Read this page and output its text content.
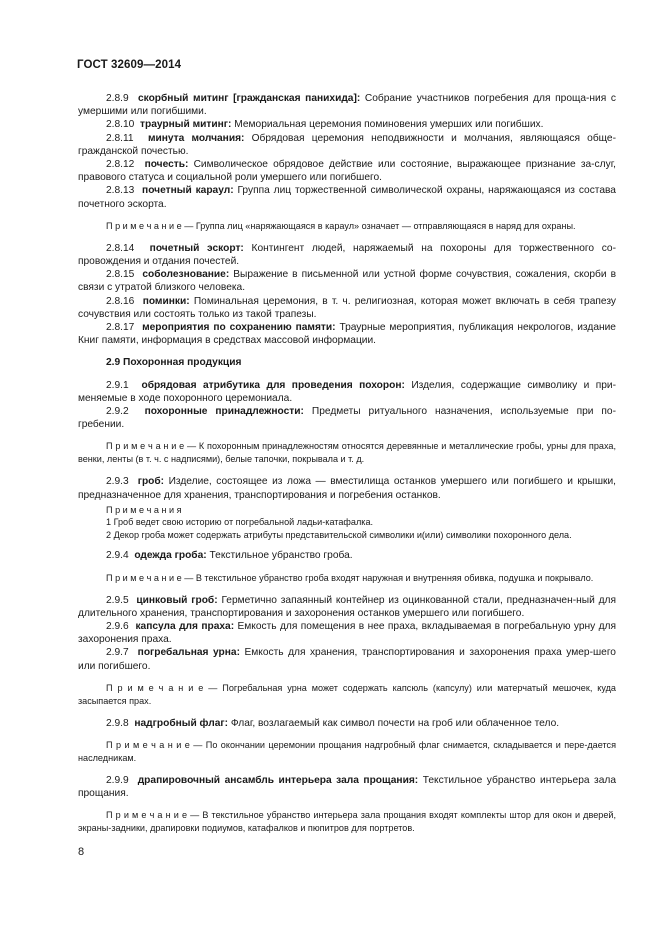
ГОСТ 32609—2014

2.8.9 скорбный митинг [гражданская панихида]: Собрание участников погребения для проща-ния с умершими или погибшими.

2.8.10 траурный митинг: Мемориальная церемония поминовения умерших или погибших.

2.8.11 минута молчания: Обрядовая церемония неподвижности и молчания, являющаяся обще-гражданской почестью.

2.8.12 почесть: Символическое обрядовое действие или состояние, выражающее признание за-слуг, правового статуса и социальной роли умершего или погибшего.

2.8.13 почетный караул: Группа лиц торжественной символической охраны, наряжающаяся из состава почетного эскорта.

П р и м е ч а н и е — Группа лиц «наряжающаяся в караул» означает — отправляющаяся в наряд для охраны.

2.8.14 почетный эскорт: Контингент людей, наряжаемый на похороны для торжественного со-провождения и отдания почестей.

2.8.15 соболезнование: Выражение в письменной или устной форме сочувствия, сожаления, скорби в связи с утратой близкого человека.

2.8.16 поминки: Поминальная церемония, в т. ч. религиозная, которая может включать в себя трапезу сочувствия или состоять только из такой трапезы.

2.8.17 мероприятия по сохранению памяти: Траурные мероприятия, публикация некрологов, издание Книг памяти, информация в средствах массовой информации.

2.9 Похоронная продукция

2.9.1 обрядовая атрибутика для проведения похорон: Изделия, содержащие символику и при-меняемые в ходе похоронного церемониала.

2.9.2 похоронные принадлежности: Предметы ритуального назначения, используемые при по-гребении.

П р и м е ч а н и е — К похоронным принадлежностям относятся деревянные и металлические гробы, урны для праха, венки, ленты (в т. ч. с надписями), белые тапочки, покрывала и т. д.

2.9.3 гроб: Изделие, состоящее из ложа — вместилища останков умершего или погибшего и крышки, предназначенное для хранения, транспортирования и погребения останков.

П р и м е ч а н и я

1 Гроб ведет свою историю от погребальной ладьи-катафалка.

2 Декор гроба может содержать атрибуты представительской символики и(или) символики похоронного дела.

2.9.4 одежда гроба: Текстильное убранство гроба.

П р и м е ч а н и е — В текстильное убранство гроба входят наружная и внутренняя обивка, подушка и покрывало.

2.9.5 цинковый гроб: Герметично запаянный контейнер из оцинкованной стали, предназначен-ный для длительного хранения, транспортирования и захоронения останков умершего или погибшего.

2.9.6 капсула для праха: Емкость для помещения в нее праха, вкладываемая в погребальную урну для захоронения праха.

2.9.7 погребальная урна: Емкость для хранения, транспортирования и захоронения праха умер-шего или погибшего.

П р и м е ч а н и е — Погребальная урна может содержать капсюль (капсулу) или матерчатый мешочек, куда засыпается прах.

2.9.8 надгробный флаг: Флаг, возлагаемый как символ почести на гроб или облаченное тело.

П р и м е ч а н и е — По окончании церемонии прощания надгробный флаг снимается, складывается и пере-дается наследникам.

2.9.9 драпировочный ансамбль интерьера зала прощания: Текстильное убранство интерьера зала прощания.

П р и м е ч а н и е — В текстильное убранство интерьера зала прощания входят комплекты штор для окон и дверей, экраны-задники, драпировки подиумов, катафалков и пюпитров для портретов.

8
